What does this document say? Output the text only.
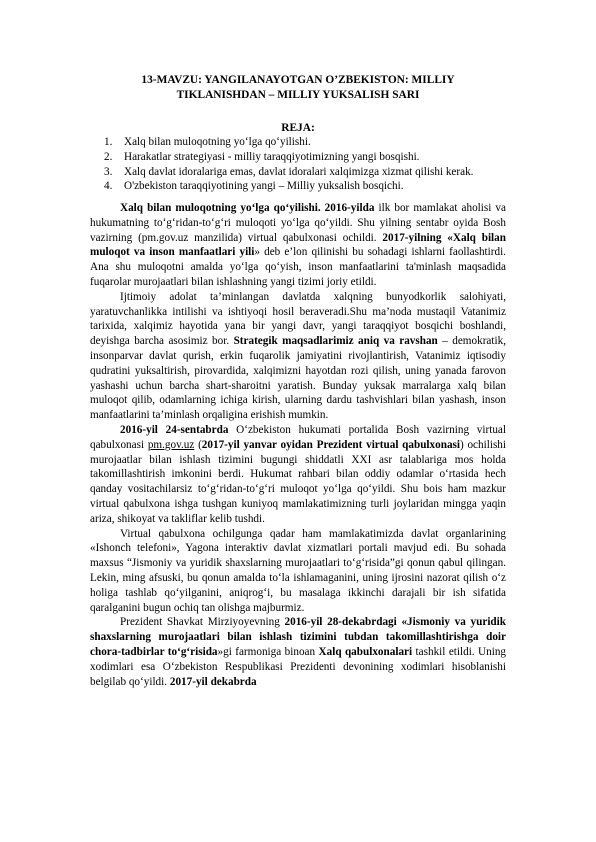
13-MAVZU: YANGILANAYOTGAN O’ZBEKISTON: MILLIY
TIKLANISHDAN – MILLIY YUKSALISH SARI
REJA:
1. Xalq bilan muloqotning yo‘lga qo‘yilishi.
2. Harakatlar strategiyasi - milliy taraqqiyotimizning yangi bosqishi.
3. Xalq davlat idoralariga emas, davlat idoralari xalqimizga xizmat qilishi kerak.
4. O'zbekiston taraqqiyotining yangi – Milliy yuksalish bosqichi.

Xalq bilan muloqotning yo‘lga qo‘yilishi. 2016-yilda ilk bor mamlakat aholisi va hukumatning to‘g‘ridan-to‘g‘ri muloqoti yo‘lga qo‘yildi. Shu yilning sentabr oyida Bosh vazirning (pm.gov.uz manzilida) virtual qabulxonasi ochildi. 2017-yilning «Xalq bilan muloqot va inson manfaatlari yili» deb e’lon qilinishi bu sohadagi ishlarni faollashtirdi. Ana shu muloqotni amalda yo‘lga qo‘yish, inson manfaatlarini ta'minlash maqsadida fuqarolar murojaatlari bilan ishlashning yangi tizimi joriy etildi.

Ijtimoiy adolat ta’minlangan davlatda xalqning bunyodkorlik salohiyati, yaratuvchanlikka intilishi va ishtiyoqi hosil beraveradi.Shu ma’noda mustaqil Vatanimiz tarixida, xalqimiz hayotida yana bir yangi davr, yangi taraqqiyot bosqichi boshlandi, deyishga barcha asosimiz bor. Strategik maqsadlarimiz aniq va ravshan – demokratik, insonparvar davlat qurish, erkin fuqarolik jamiyatini rivojlantirish, Vatanimiz iqtisodiy qudratini yuksaltirish, pirovardida, xalqimizni hayotdan rozi qilish, uning yanada farovon yashashi uchun barcha shart-sharoitni yaratish. Bunday yuksak marralarga xalq bilan muloqot qilib, odamlarning ichiga kirish, ularning dardu tashvishlari bilan yashash, inson manfaatlarini ta’minlash orqaligina erishish mumkin.

2016-yil 24-sentabrda O‘zbekiston hukumati portalida Bosh vazirning virtual qabulxonasi pm.gov.uz (2017-yil yanvar oyidan Prezident virtual qabulxonasi) ochilishi murojaatlar bilan ishlash tizimini bugungi shiddatli XXI asr talablariga mos holda takomillashtirish imkonini berdi. Hukumat rahbari bilan oddiy odamlar o‘rtasida hech qanday vositachilarsiz to‘g‘ridan-to‘g‘ri muloqot yo‘lga qo‘yildi. Shu bois ham mazkur virtual qabulxona ishga tushgan kuniyoq mamlakatimizning turli joylaridan mingga yaqin ariza, shikoyat va takliflar kelib tushdi.

Virtual qabulxona ochilgunga qadar ham mamlakatimizda davlat organlarining «Ishonch telefoni», Yagona interaktiv davlat xizmatlari portali mavjud edi. Bu sohada maxsus “Jismoniy va yuridik shaxslarning murojaatlari to‘g‘risida”gi qonun qabul qilingan. Lekin, ming afsuski, bu qonun amalda to‘la ishlamaganini, uning ijrosini nazorat qilish o‘z holiga tashlab qo‘yilganini, aniqrog‘i, bu masalaga ikkinchi darajali bir ish sifatida qaralganini bugun ochiq tan olishga majburmiz.

Prezident Shavkat Mirziyoyevning 2016-yil 28-dekabrdagi «Jismoniy va yuridik shaxslarning murojaatlari bilan ishlash tizimini tubdan takomillashtirishga doir chora-tadbirlar to‘g‘risida»gi farmoniga binoan Xalq qabulxonalari tashkil etildi. Uning xodimlari esa O‘zbekiston Respublikasi Prezidenti devonining xodimlari hisoblanishi belgilab qo‘yildi. 2017-yil dekabrda
